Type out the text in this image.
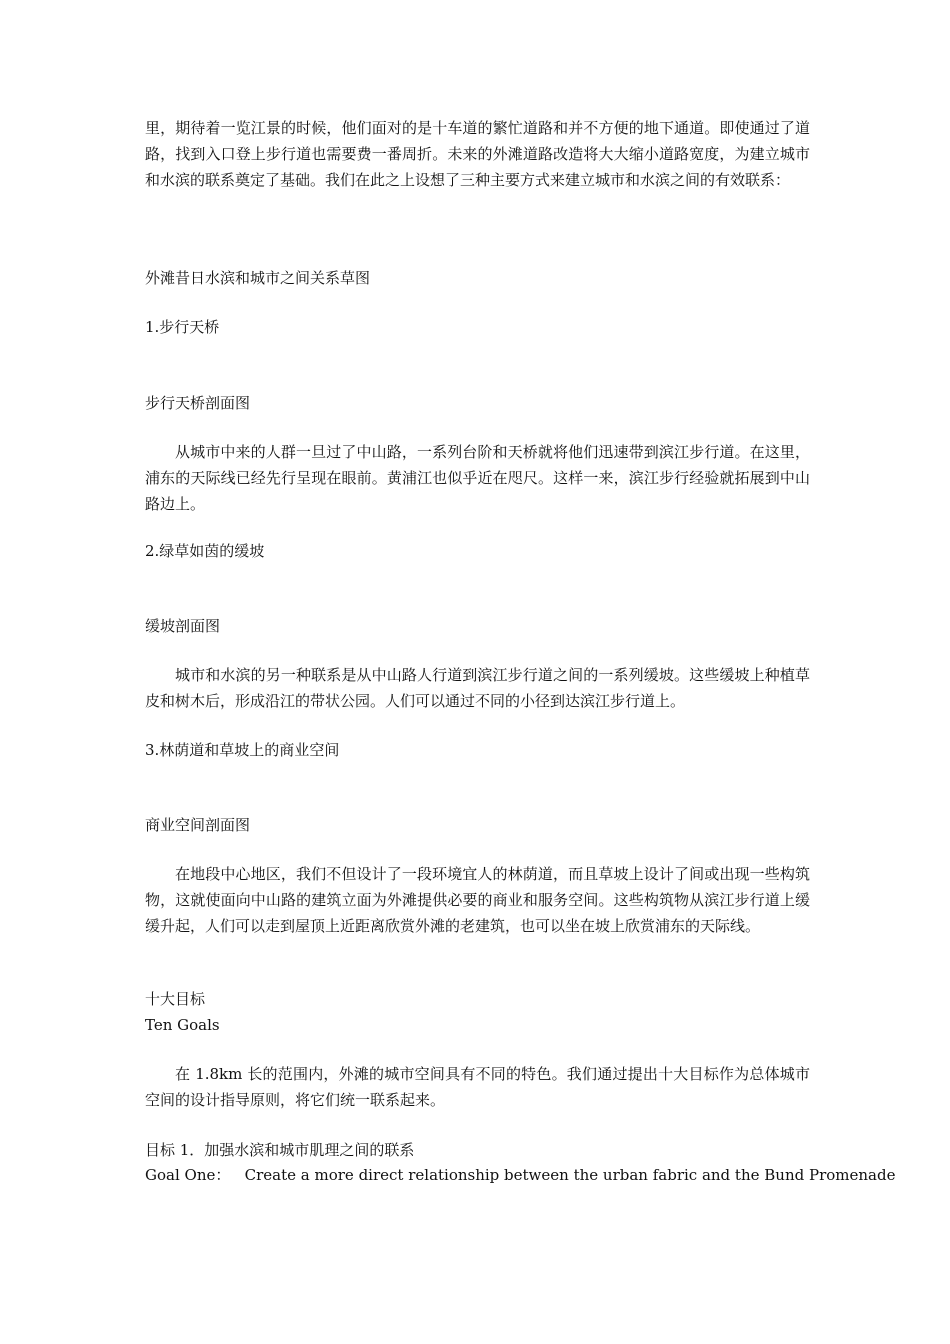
里，期待着一览江景的时候，他们面对的是十车道的繁忙道路和并不方便的地下通道。即使通过了道路，找到入口登上步行道也需要费一番周折。未来的外滩道路改造将大大缩小道路宽度，为建立城市和水滨的联系奠定了基础。我们在此之上设想了三种主要方式来建立城市和水滨之间的有效联系：

外滩昔日水滨和城市之间关系草图

1.步行天桥

步行天桥剖面图

从城市中来的人群一旦过了中山路，一系列台阶和天桥就将他们迅速带到滨江步行道。在这里，浦东的天际线已经先行呈现在眼前。黄浦江也似乎近在咫尺。这样一来，滨江步行经验就拓展到中山路边上。

2.绿草如茵的缓坡

缓坡剖面图

城市和水滨的另一种联系是从中山路人行道到滨江步行道之间的一系列缓坡。这些缓坡上种植草皮和树木后，形成沿江的带状公园。人们可以通过不同的小径到达滨江步行道上。

3.林荫道和草坡上的商业空间

商业空间剖面图

在地段中心地区，我们不但设计了一段环境宜人的林荫道，而且草坡上设计了间或出现一些构筑物，这就使面向中山路的建筑立面为外滩提供必要的商业和服务空间。这些构筑物从滨江步行道上缓缓升起，人们可以走到屋顶上近距离欣赏外滩的老建筑，也可以坐在坡上欣赏浦东的天际线。

十大目标

Ten Goals

在 1.8km 长的范围内，外滩的城市空间具有不同的特色。我们通过提出十大目标作为总体城市空间的设计指导原则，将它们统一联系起来。

目标 1．加强水滨和城市肌理之间的联系

Goal One：   Create a more direct relationship between the urban fabric and the Bund Promenade
